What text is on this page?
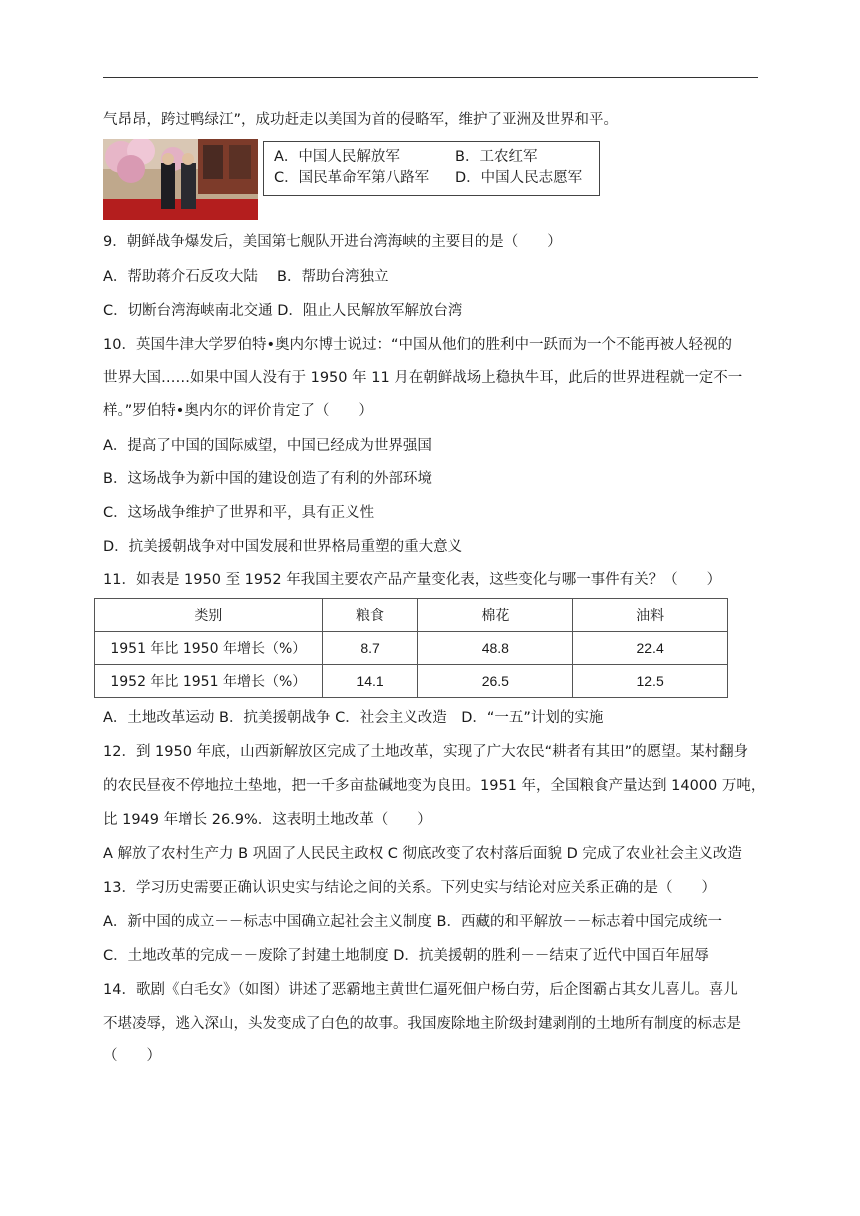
气昂昂，跨过鸭绿江”，成功赶走以美国为首的侵略军，维护了亚洲及世界和平。
A．中国人民解放军	B．工农红军
C．国民革命军第八路军 D．中国人民志愿军
9．朝鲜战争爆发后，美国第七舰队开进台湾海峡的主要目的是（　　）
A．帮助蒋介石反攻大陆　 B．帮助台湾独立
C．切断台湾海峡南北交通 D．阻止人民解放军解放台湾
10．英国牛津大学罗伯特•奥内尔博士说过：“中国从他们的胜利中一跃而为一个不能再被人轻视的
世界大国……如果中国人没有于 1950 年 11 月在朝鲜战场上稳执牛耳，此后的世界进程就一定不一
样。”罗伯特•奥内尔的评价肯定了（　　）
A．提高了中国的国际威望，中国已经成为世界强国
B．这场战争为新中国的建设创造了有利的外部环境
C．这场战争维护了世界和平，具有正义性
D．抗美援朝战争对中国发展和世界格局重塑的重大意义
11．如表是 1950 至 1952 年我国主要农产品产量变化表，这些变化与哪一事件有关？（　　）
类别	粮食	棉花	油料
1951 年比 1950 年增长（%）	8.7	48.8	22.4
1952 年比 1951 年增长（%）	14.1	26.5	12.5
A．土地改革运动 B．抗美援朝战争 C．社会主义改造　D．“一五”计划的实施
12．到 1950 年底，山西新解放区完成了土地改革，实现了广大农民“耕者有其田”的愿望。某村翻身
的农民昼夜不停地拉土垫地，把一千多亩盐碱地变为良田。1951 年，全国粮食产量达到 14000 万吨，
比 1949 年增长 26.9%．这表明土地改革（　　）
A 解放了农村生产力 B 巩固了人民民主政权 C 彻底改变了农村落后面貌 D 完成了农业社会主义改造
13．学习历史需要正确认识史实与结论之间的关系。下列史实与结论对应关系正确的是（　　）
A．新中国的成立－－标志中国确立起社会主义制度 B．西藏的和平解放－－标志着中国完成统一
C．土地改革的完成－－废除了封建土地制度 D．抗美援朝的胜利－－结束了近代中国百年屈辱
14．歌剧《白毛女》（如图）讲述了恶霸地主黄世仁逼死佃户杨白劳，后企图霸占其女儿喜儿。喜儿
不堪凌辱，逃入深山，头发变成了白色的故事。我国废除地主阶级封建剥削的土地所有制度的标志是
（　　）
